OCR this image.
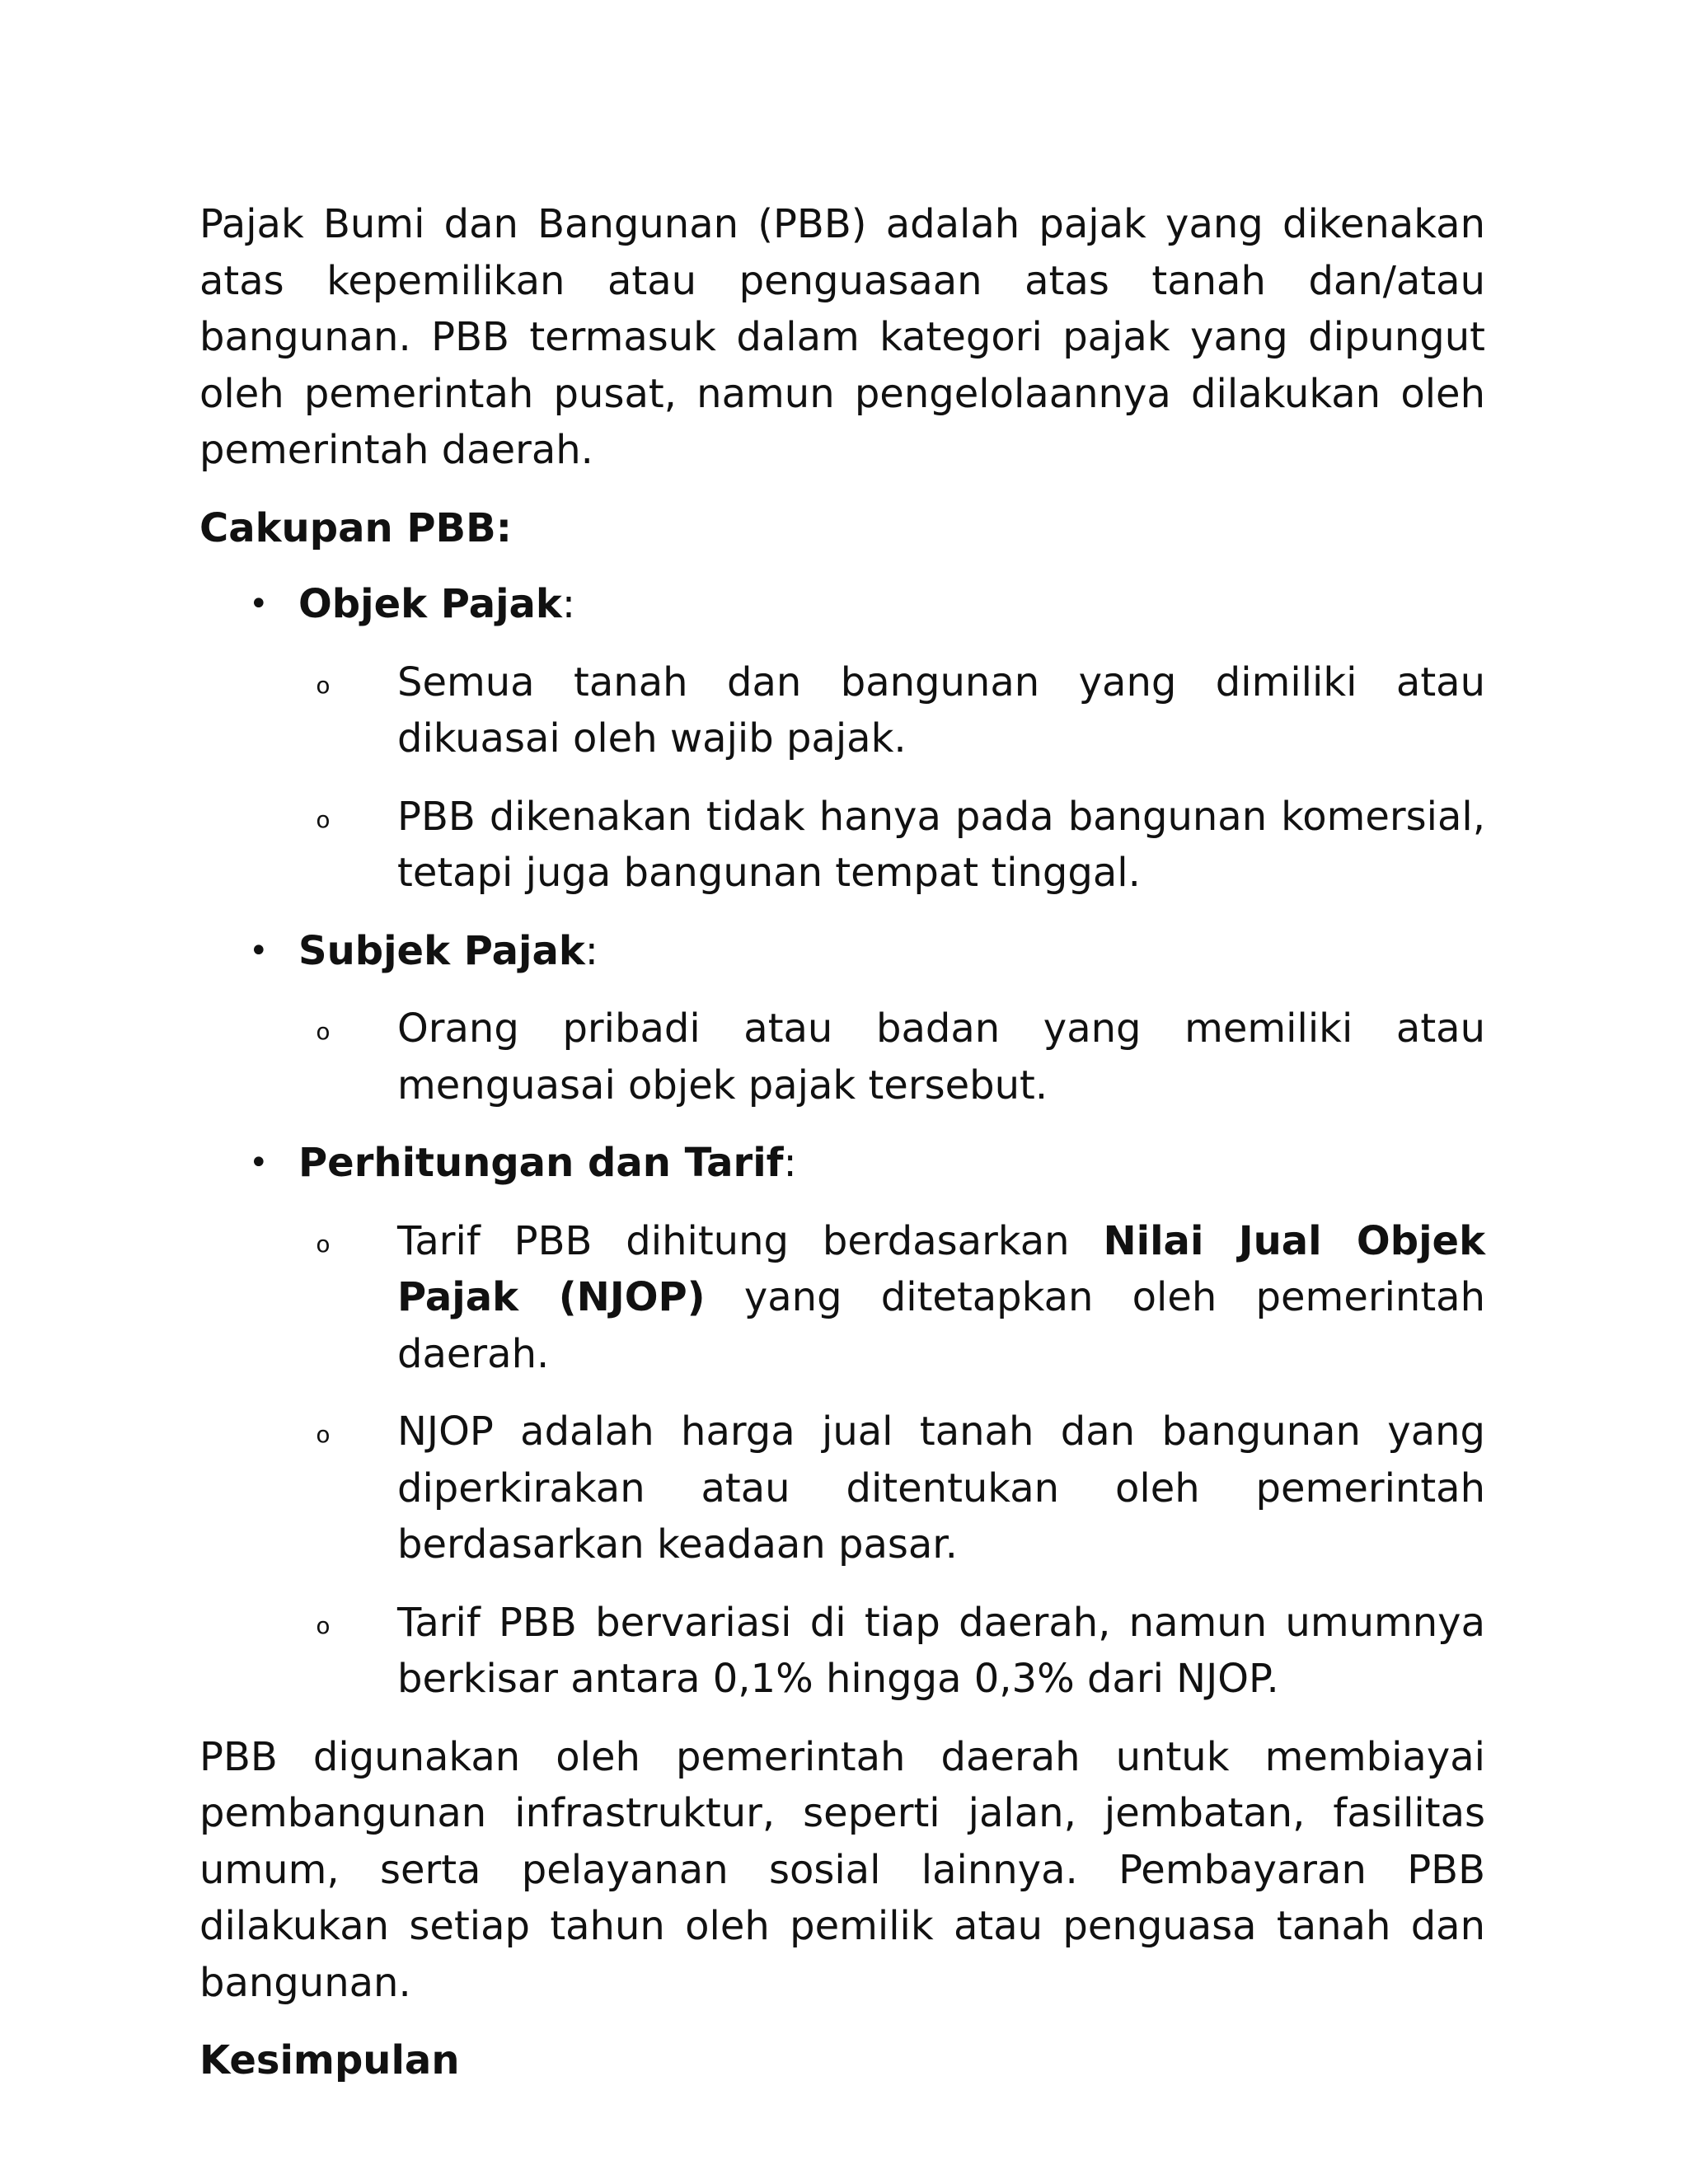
Pajak Bumi dan Bangunan (PBB) adalah pajak yang dikenakan atas kepemilikan atau penguasaan atas tanah dan/atau bangunan. PBB termasuk dalam kategori pajak yang dipungut oleh pemerintah pusat, namun pengelolaannya dilakukan oleh pemerintah daerah.

Cakupan PBB:
• Objek Pajak:
o	Semua tanah dan bangunan yang dimiliki atau dikuasai oleh wajib pajak.
o	PBB dikenakan tidak hanya pada bangunan komersial, tetapi juga bangunan tempat tinggal.
• Subjek Pajak:
o	Orang pribadi atau badan yang memiliki atau menguasai objek pajak tersebut.
• Perhitungan dan Tarif:
o	Tarif PBB dihitung berdasarkan Nilai Jual Objek Pajak (NJOP) yang ditetapkan oleh pemerintah daerah.
o	NJOP adalah harga jual tanah dan bangunan yang diperkirakan atau ditentukan oleh pemerintah berdasarkan keadaan pasar.
o	Tarif PBB bervariasi di tiap daerah, namun umumnya berkisar antara 0,1% hingga 0,3% dari NJOP.

PBB digunakan oleh pemerintah daerah untuk membiayai pembangunan infrastruktur, seperti jalan, jembatan, fasilitas umum, serta pelayanan sosial lainnya. Pembayaran PBB dilakukan setiap tahun oleh pemilik atau penguasa tanah dan bangunan.

Kesimpulan
